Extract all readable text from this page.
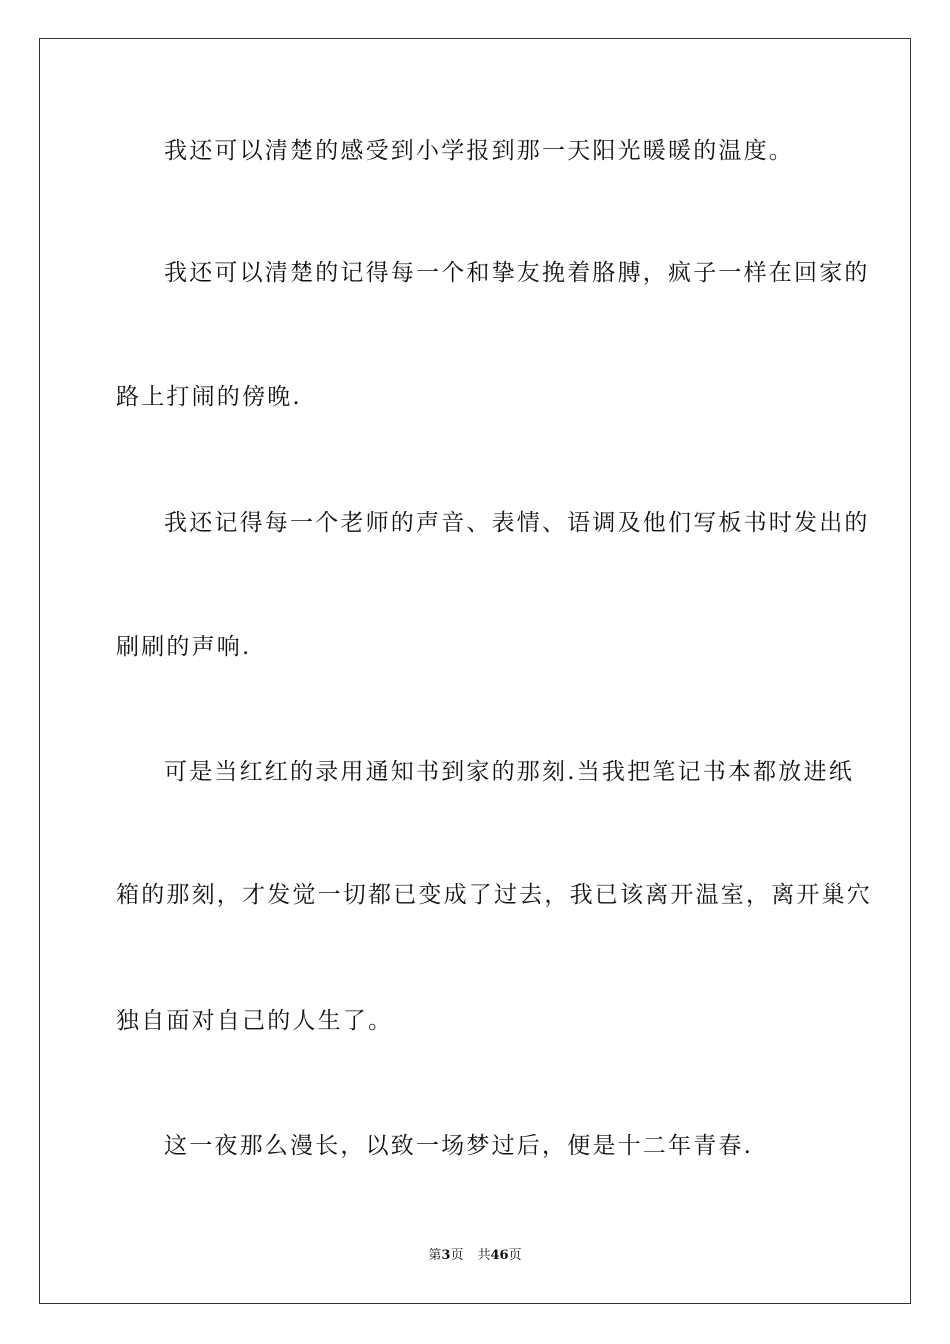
我还可以清楚的感受到小学报到那一天阳光暖暖的温度。
我还可以清楚的记得每一个和挚友挽着胳膊，疯子一样在回家的
路上打闹的傍晚.
我还记得每一个老师的声音、表情、语调及他们写板书时发出的
刷刷的声响.
可是当红红的录用通知书到家的那刻.当我把笔记书本都放进纸
箱的那刻，才发觉一切都已变成了过去，我已该离开温室，离开巢穴
独自面对自己的人生了。
这一夜那么漫长，以致一场梦过后，便是十二年青春.
第3页 共46页
